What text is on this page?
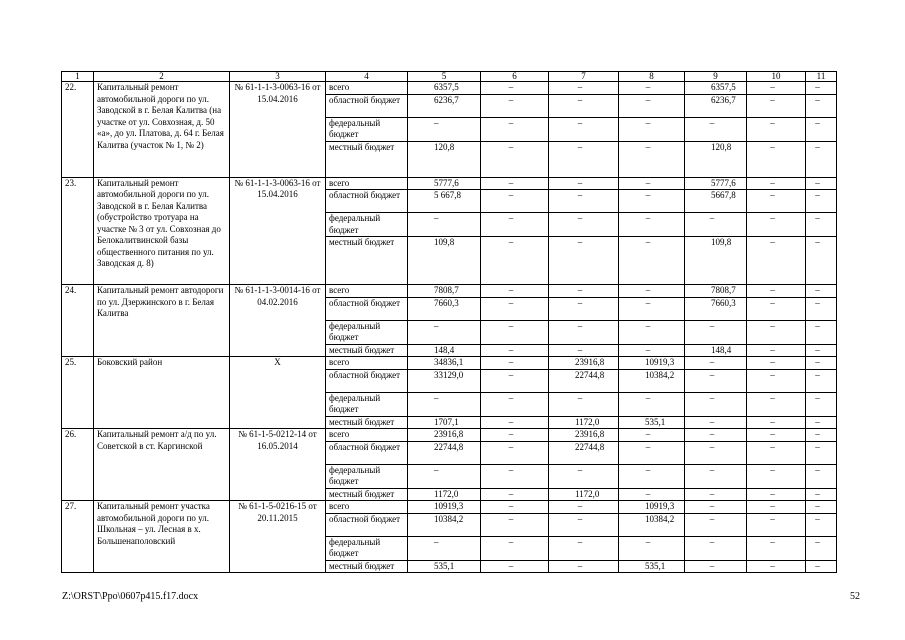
1	2	3	4	5	6	7	8	9	10	11
22.	Капитальный ремонт автомобильной дороги по ул. Заводской в г. Белая Калитва (на участке от ул. Совхозная, д. 50 «а», до ул. Платова, д. 64 г. Белая Калитва (участок № 1, № 2)	№ 61-1-1-3-0063-16 от 15.04.2016	всего	6357,5	–	–	–	6357,5	–	–
			областной бюджет	6236,7	–	–	–	6236,7	–	–
			федеральный бюджет	–	–	–	–	–	–	–
			местный бюджет	120,8	–	–	–	120,8	–	–
23.	Капитальный ремонт автомобильной дороги по ул. Заводской в г. Белая Калитва (обустройство тротуара на участке № 3 от ул. Совхозная до Белокалитвинской базы общественного питания по ул. Заводская д. 8)	№ 61-1-1-3-0063-16 от 15.04.2016	всего	5777,6	–	–	–	5777,6	–	–
			областной бюджет	5 667,8	–	–	–	5667,8	–	–
			федеральный бюджет	–	–	–	–	–	–	–
			местный бюджет	109,8	–	–	–	109,8	–	–
24.	Капитальный ремонт автодороги по ул. Дзержинского в г. Белая Калитва	№ 61-1-1-3-0014-16 от 04.02.2016	всего	7808,7	–	–	–	7808,7	–	–
			областной бюджет	7660,3	–	–	–	7660,3	–	–
			федеральный бюджет	–	–	–	–	–	–	–
			местный бюджет	148,4	–	–	–	148,4	–	–
25.	Боковский район	Х	всего	34836,1	–	23916,8	10919,3	–	–	–
			областной бюджет	33129,0	–	22744,8	10384,2	–	–	–
			федеральный бюджет	–	–	–	–	–	–	–
			местный бюджет	1707,1	–	1172,0	535,1	–	–	–
26.	Капитальный ремонт а/д по ул. Советской в ст. Каргинской	№ 61-1-5-0212-14 от 16.05.2014	всего	23916,8	–	23916,8	–	–	–	–
			областной бюджет	22744,8	–	22744,8	–	–	–	–
			федеральный бюджет	–	–	–	–	–	–	–
			местный бюджет	1172,0	–	1172,0	–	–	–	–
27.	Капитальный ремонт участка автомобильной дороги по ул. Школьная – ул. Лесная в х. Большенаполовский	№ 61-1-5-0216-15 от 20.11.2015	всего	10919,3	–	–	10919,3	–	–	–
			областной бюджет	10384,2	–	–	10384,2	–	–	–
			федеральный бюджет	–	–	–	–	–	–	–
			местный бюджет	535,1	–	–	535,1	–	–	–
Z:\ORST\Ppo\0607p415.f17.docx	52
